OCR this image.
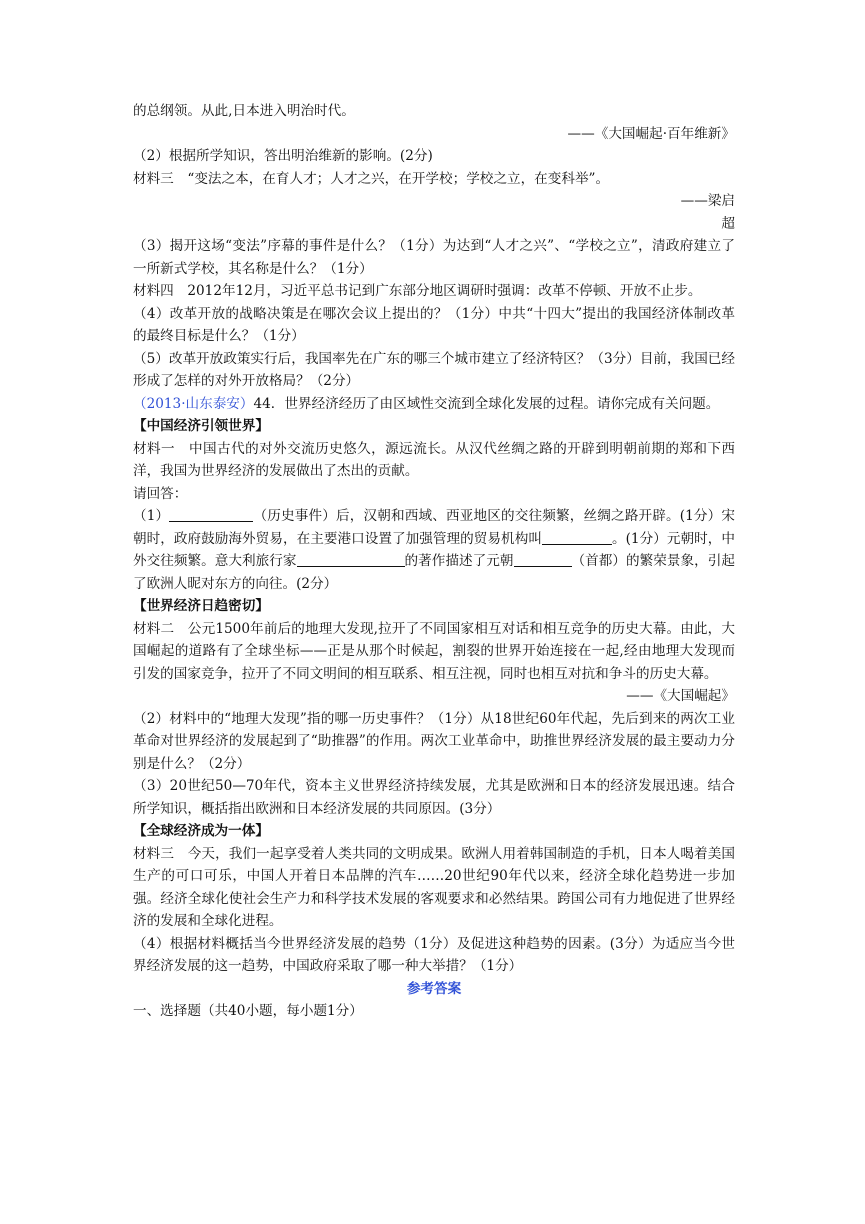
的总纲领。从此,日本进入明治时代。

——《大国崛起·百年维新》

（2）根据所学知识，答出明治维新的影响。(2分)

材料三　“变法之本，在育人才；人才之兴，在开学校；学校之立，在变科举”。

——梁启

超

（3）揭开这场“变法”序幕的事件是什么？（1分）为达到“人才之兴”、“学校之立”，清政府建立了一所新式学校，其名称是什么？（1分）

材料四　2012年12月，习近平总书记到广东部分地区调研时强调：改革不停顿、开放不止步。

（4）改革开放的战略决策是在哪次会议上提出的？（1分）中共“十四大”提出的我国经济体制改革的最终目标是什么？（1分）

（5）改革开放政策实行后，我国率先在广东的哪三个城市建立了经济特区？（3分）目前，我国已经形成了怎样的对外开放格局？（2分）

（2013·山东泰安）44．世界经济经历了由区域性交流到全球化发展的过程。请你完成有关问题。

【中国经济引领世界】

材料一　中国古代的对外交流历史悠久，源远流长。从汉代丝绸之路的开辟到明朝前期的郑和下西洋，我国为世界经济的发展做出了杰出的贡献。

请回答：

（1）	（历史事件）后，汉朝和西域、西亚地区的交往频繁，丝绸之路开辟。(1分）宋朝时，政府鼓励海外贸易，在主要港口设置了加强管理的贸易机构叫	。(1分）元朝时，中外交往频繁。意大利旅行家	的著作描述了元朝	（首都）的繁荣景象，引起了欧洲人昵对东方的向往。(2分）

【世界经济日趋密切】

材料二　公元1500年前后的地理大发现,拉开了不同国家相互对话和相互竞争的历史大幕。由此，大国崛起的道路有了全球坐标——正是从那个时候起，割裂的世界开始连接在一起,经由地理大发现而引发的国家竞争，拉开了不同文明间的相互联系、相互注视，同时也相互对抗和争斗的历史大幕。

——《大国崛起》

（2）材料中的“地理大发现”指的哪一历史事件？（1分）从18世纪60年代起，先后到来的两次工业革命对世界经济的发展起到了“助推器”的作用。两次工业革命中，助推世界经济发展的最主要动力分别是什么？（2分）

（3）20世纪50—70年代，资本主义世界经济持续发展，尤其是欧洲和日本的经济发展迅速。结合所学知识，概括指出欧洲和日本经济发展的共同原因。(3分）

【全球经济成为一体】

材料三　今天，我们一起享受着人类共同的文明成果。欧洲人用着韩国制造的手机，日本人喝着美国生产的可口可乐，中国人开着日本品牌的汽车……20世纪90年代以来，经济全球化趋势进一步加强。经济全球化使社会生产力和科学技术发展的客观要求和必然结果。跨国公司有力地促进了世界经济的发展和全球化进程。

（4）根据材料概括当今世界经济发展的趋势（1分）及促进这种趋势的因素。(3分）为适应当今世界经济发展的这一趋势，中国政府采取了哪一种大举措？（1分）

参考答案

一、选择题（共40小题，每小题1分）
